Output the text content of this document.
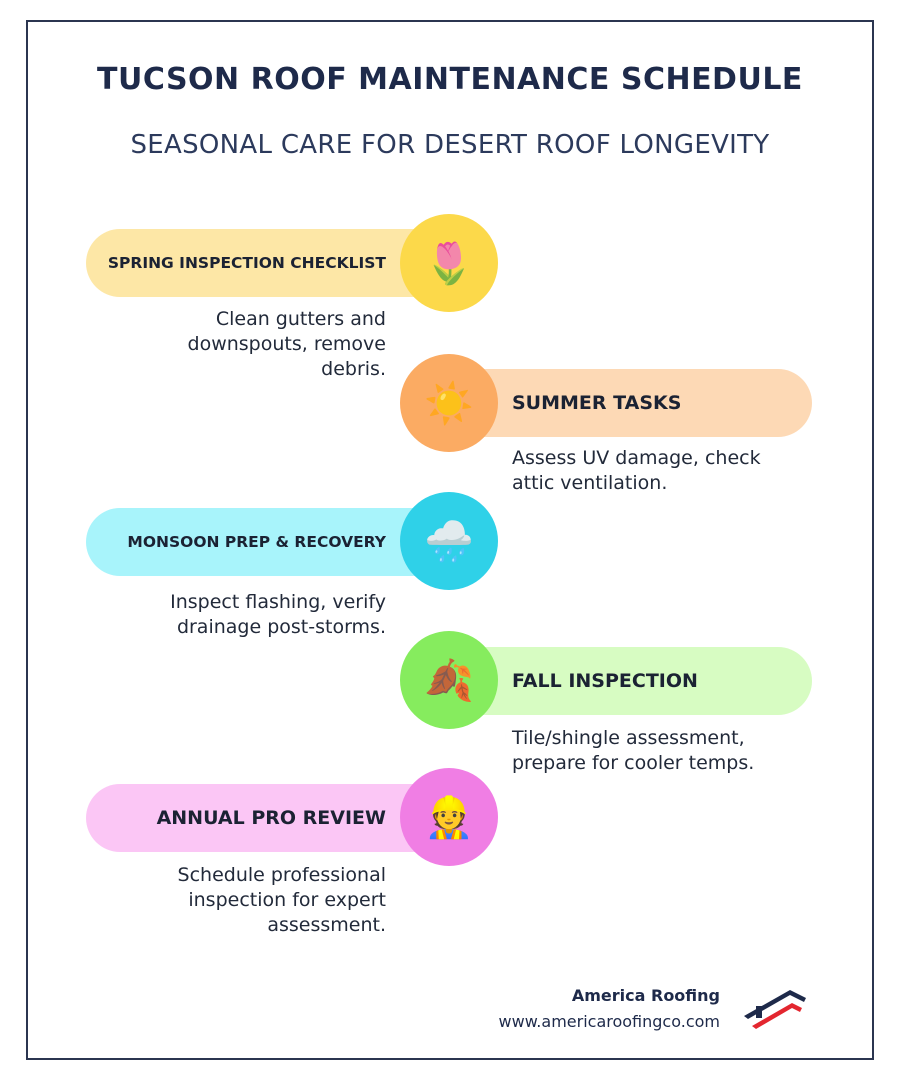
TUCSON ROOF MAINTENANCE SCHEDULE
SEASONAL CARE FOR DESERT ROOF LONGEVITY
SPRING INSPECTION CHECKLIST 🌷
Clean gutters and downspouts, remove debris.
SUMMER TASKS
☀️
Assess UV damage, check attic ventilation.
MONSOON PREP & RECOVERY 🌧️
Inspect flashing, verify drainage post-storms.
FALL INSPECTION
🍂
Tile/shingle assessment, prepare for cooler temps.
ANNUAL PRO REVIEW 👷
Schedule professional inspection for expert assessment.
America Roofing
www.americaroofingco.com
